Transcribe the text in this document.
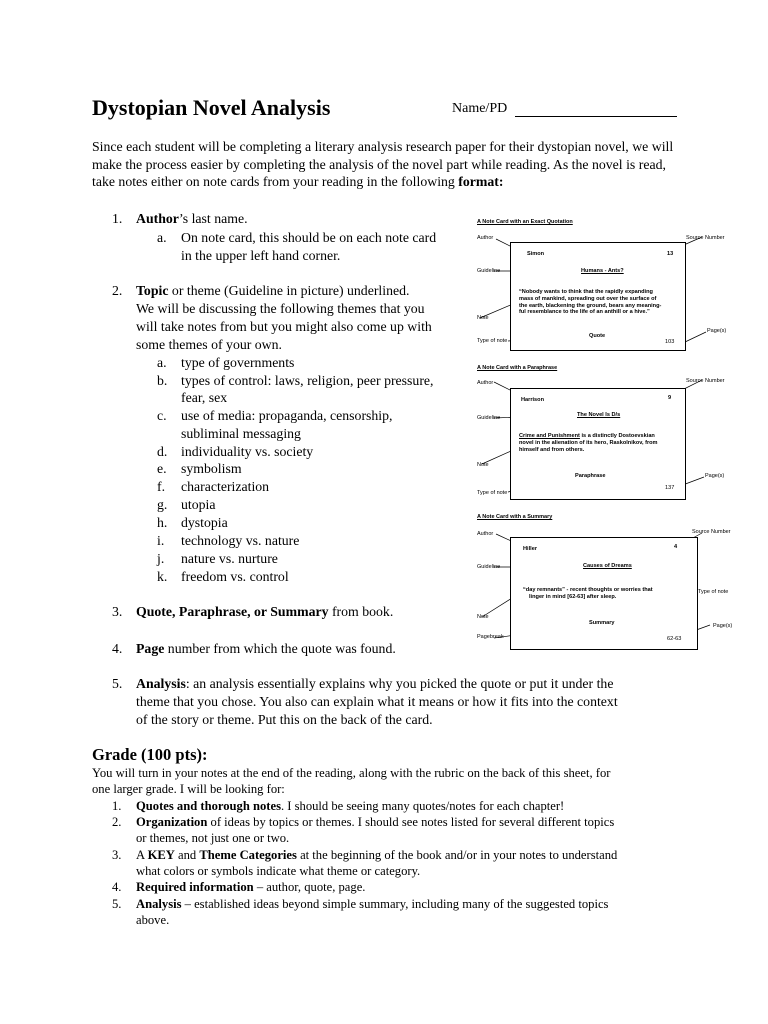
Dystopian Novel Analysis	Name/PD
Since each student will be completing a literary analysis research paper for their dystopian novel, we will make the process easier by completing the analysis of the novel part while reading. As the novel is read, take notes either on note cards from your reading in the following format:
1. Author’s last name.
a. On note card, this should be on each note card
in the upper left hand corner.
2. Topic or theme (Guideline in picture) underlined.
We will be discussing the following themes that you
will take notes from but you might also come up with
some themes of your own.
a. type of governments
b. types of control: laws, religion, peer pressure,
fear, sex
c. use of media: propaganda, censorship,
subliminal messaging
d. individuality vs. society
e. symbolism
f. characterization
g. utopia
h. dystopia
i. technology vs. nature
j. nature vs. nurture
k. freedom vs. control
3. Quote, Paraphrase, or Summary from book.
4. Page number from which the quote was found.
5. Analysis: an analysis essentially explains why you picked the quote or put it under the
theme that you chose. You also can explain what it means or how it fits into the context
of the story or theme. Put this on the back of the card.
Grade (100 pts):
You will turn in your notes at the end of the reading, along with the rubric on the back of this sheet, for
one larger grade. I will be looking for:
1. Quotes and thorough notes. I should be seeing many quotes/notes for each chapter!
2. Organization of ideas by topics or themes. I should see notes listed for several different topics
or themes, not just one or two.
3. A KEY and Theme Categories at the beginning of the book and/or in your notes to understand
what colors or symbols indicate what theme or category.
4. Required information – author, quote, page.
5. Analysis – established ideas beyond simple summary, including many of the suggested topics
above.
A Note Card with an Exact Quotation
Author	Source Number
Guideline
Note
Type of note
Page(s)
Simon	13
Humans - Ants?
“Nobody wants to think that the rapidly expanding
mass of mankind, spreading out over the surface of
the earth, blackening the ground, bears any meaning-
ful resemblance to the life of an anthill or a hive.”
Quote
103
A Note Card with a Paraphrase
Author	Source Number
Guideline
Note
Type of note
Page(s)
Harrison	9
The Novel Is D/s
Crime and Punishment is a distinctly Dostoevskian
novel in the alienation of its hero, Raskolnikov, from
himself and from others.
Paraphrase
137
A Note Card with a Summary
Author	Source Number
Guideline
Type of note
Note
Pagebreak
Page(s)
Hiller	4
Causes of Dreams
“day remnants” - recent thoughts or worries that
linger in mind [62-63] after sleep.
Summary
62-63
